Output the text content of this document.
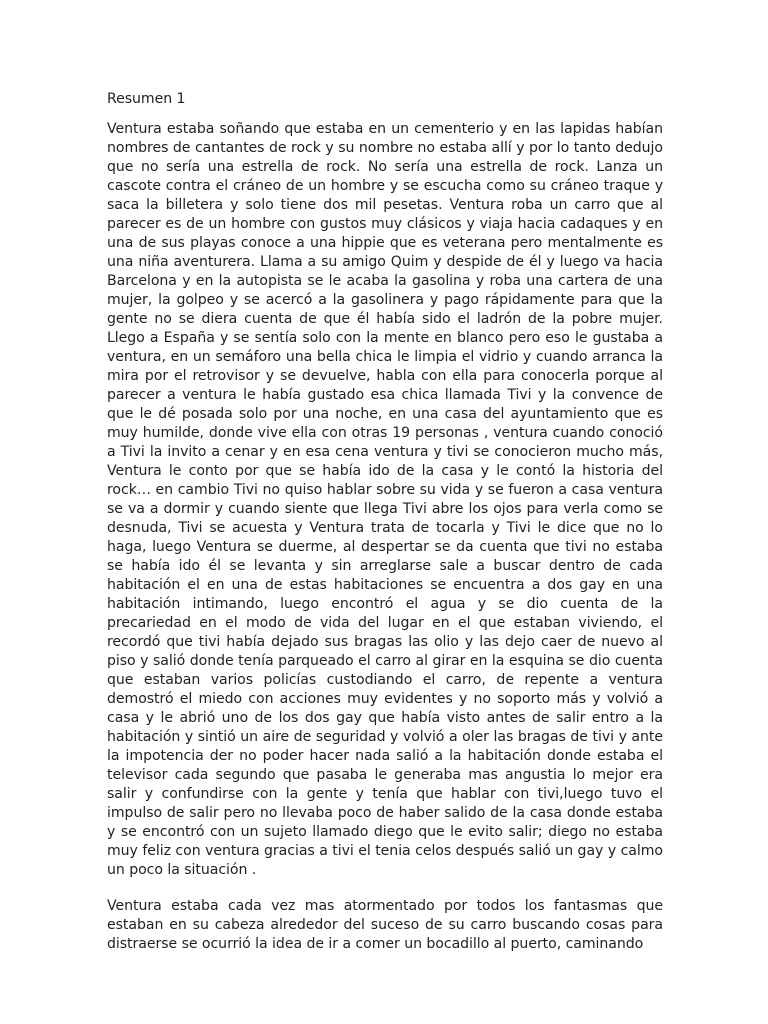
Resumen 1

Ventura estaba soñando que estaba en un cementerio y en las lapidas habían nombres de cantantes de rock y su nombre no estaba allí y por lo tanto dedujo que no sería una estrella de rock. No sería una estrella de rock. Lanza un cascote contra el cráneo de un hombre y se escucha como su cráneo traque y saca la billetera y solo tiene dos mil pesetas. Ventura roba un carro que al parecer es de un hombre con gustos muy clásicos y viaja hacia cadaques y en una de sus playas conoce a una hippie que es veterana pero mentalmente es una niña aventurera. Llama a su amigo Quim y despide de él y luego va hacia Barcelona y en la autopista se le acaba la gasolina y roba una cartera de una mujer, la golpeo y se acercó a la gasolinera y pago rápidamente para que la gente no se diera cuenta de que él había sido el ladrón de la pobre mujer. Llego a España y se sentía solo con la mente en blanco pero eso le gustaba a ventura, en un semáforo una bella chica le limpia el vidrio y cuando arranca la mira por el retrovisor y se devuelve, habla con ella para conocerla porque al parecer a ventura le había gustado esa chica llamada Tivi y la convence de que le dé posada solo por una noche, en una casa del ayuntamiento que es muy humilde, donde vive ella con otras 19 personas , ventura cuando conoció a Tivi la invito a cenar y en esa cena ventura y tivi se conocieron mucho más, Ventura le conto por que se había ido de la casa y le contó la historia del rock… en cambio Tivi no quiso hablar sobre su vida y se fueron a casa ventura se va a dormir y cuando siente que llega Tivi abre los ojos para verla como se desnuda, Tivi se acuesta y Ventura trata de tocarla y Tivi le dice que no lo haga, luego Ventura se duerme, al despertar se da cuenta que tivi no estaba se había ido él se levanta y sin arreglarse sale a buscar dentro de cada habitación el en una de estas habitaciones se encuentra a dos gay en una habitación intimando, luego encontró el agua y se dio cuenta de la precariedad en el modo de vida del lugar en el que estaban viviendo, el recordó que tivi había dejado sus bragas las olio y las dejo caer de nuevo al piso y salió donde tenía parqueado el carro al girar en la esquina se dio cuenta que estaban varios policías custodiando el carro, de repente a ventura demostró el miedo con acciones muy evidentes y no soporto más y volvió a casa y le abrió uno de los dos gay que había visto antes de salir entro a la habitación y sintió un aire de seguridad y volvió a oler las bragas de tivi y ante la impotencia der no poder hacer nada salió a la habitación donde estaba el televisor cada segundo que pasaba le generaba mas angustia lo mejor era salir y confundirse con la gente y tenía que hablar con tivi,luego tuvo el impulso de salir pero no llevaba poco de haber salido de la casa donde estaba y se encontró con un sujeto llamado diego que le evito salir; diego no estaba muy feliz con ventura gracias a tivi el tenia celos después salió un gay y calmo un poco la situación .

Ventura estaba cada vez mas atormentado por todos los fantasmas que estaban en su cabeza alrededor del suceso de su carro buscando cosas para distraerse se ocurrió la idea de ir a comer un bocadillo al puerto, caminando
